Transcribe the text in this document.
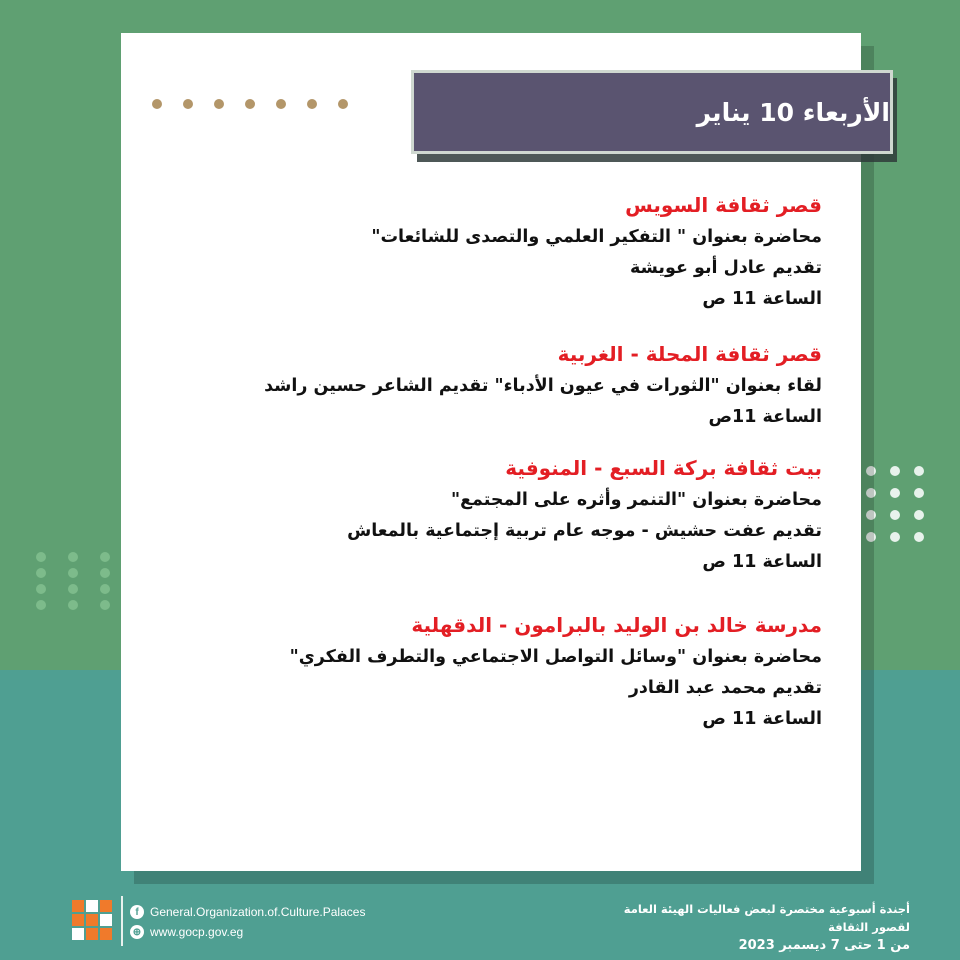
الأربعاء 10 يناير

قصر ثقافة السويس

محاضرة بعنوان " التفكير العلمي والتصدى للشائعات"

تقديم عادل أبو عويشة

الساعة 11 ص

قصر ثقافة المحلة - الغربية

لقاء بعنوان "الثورات في عيون الأدباء" تقديم الشاعر حسين راشد

الساعة 11ص

بيت ثقافة بركة السبع - المنوفية

محاضرة بعنوان "التنمر وأثره على المجتمع"

تقديم عفت حشيش - موجه عام تربية إجتماعية بالمعاش

الساعة 11 ص

مدرسة خالد بن الوليد بالبرامون - الدقهلية

محاضرة بعنوان "وسائل التواصل الاجتماعي والتطرف الفكري"

تقديم محمد عبد القادر

الساعة 11 ص

f General.Organization.of.Culture.Palaces
⊕ www.gocp.gov.eg
أجندة أسبوعية مختصرة لبعض فعاليات الهيئة العامة لقصور الثقافة
من 1 حتى 7 ديسمبر 2023
